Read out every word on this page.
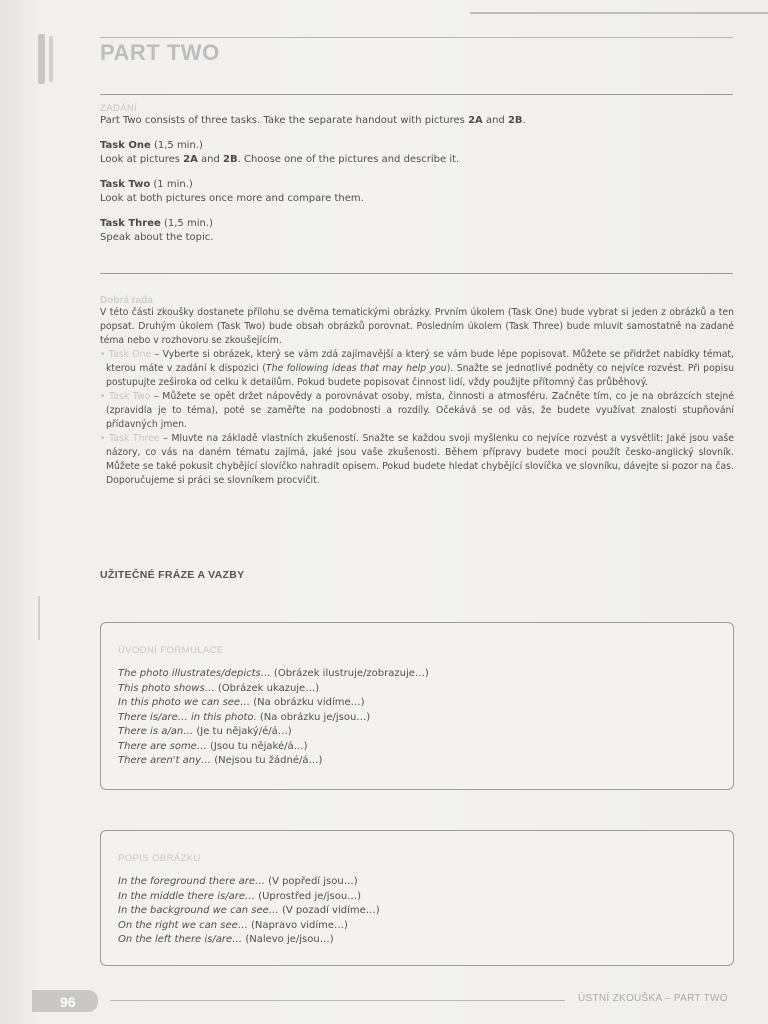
PART TWO
ZADÁNÍ
Part Two consists of three tasks. Take the separate handout with pictures 2A and 2B.
Task One (1,5 min.)
Look at pictures 2A and 2B. Choose one of the pictures and describe it.
Task Two (1 min.)
Look at both pictures once more and compare them.
Task Three (1,5 min.)
Speak about the topic.
Dobrá rada
V této části zkoušky dostanete přílohu se dvěma tematickými obrázky. Prvním úkolem (Task One) bude vybrat si jeden z obrázků a ten popsat. Druhým úkolem (Task Two) bude obsah obrázků porovnat. Posledním úkolem (Task Three) bude mluvit samostatně na zadané téma nebo v rozhovoru se zkoušejícím.
• Task One – Vyberte si obrázek, který se vám zdá zajímavější a který se vám bude lépe popisovat. Můžete se přidržet nabídky témat, kterou máte v zadání k dispozici (The following ideas that may help you). Snažte se jednotlivé podněty co nejvíce rozvést. Při popisu postupujte zeširoka od celku k detailům. Pokud budete popisovat činnost lidí, vždy použijte přítomný čas průběhový.
• Task Two – Můžete se opět držet nápovědy a porovnávat osoby, místa, činnosti a atmosféru. Začněte tím, co je na obrázcích stejné (zpravidla je to téma), poté se zaměřte na podobnosti a rozdíly. Očekává se od vás, že budete využívat znalosti stupňování přídavných jmen.
• Task Three – Mluvte na základě vlastních zkušeností. Snažte se každou svoji myšlenku co nejvíce rozvést a vysvětlit: Jaké jsou vaše názory, co vás na daném tématu zajímá, jaké jsou vaše zkušenosti. Během přípravy budete moci použít česko-anglický slovník. Můžete se také pokusit chybějící slovíčko nahradit opisem. Pokud budete hledat chybějící slovíčka ve slovníku, dávejte si pozor na čas. Doporučujeme si práci se slovníkem procvičit.
UŽITEČNÉ FRÁZE A VAZBY
ÚVODNÍ FORMULACE
The photo illustrates/depicts… (Obrázek ilustruje/zobrazuje…)
This photo shows… (Obrázek ukazuje…)
In this photo we can see… (Na obrázku vidíme…)
There is/are… in this photo. (Na obrázku je/jsou…)
There is a/an… (Je tu nějaký/é/á…)
There are some… (Jsou tu nějaké/á…)
There aren't any… (Nejsou tu žádné/á…)
POPIS OBRÁZKU
In the foreground there are… (V popředí jsou…)
In the middle there is/are… (Uprostřed je/jsou…)
In the background we can see… (V pozadí vidíme…)
On the right we can see… (Napravo vidíme…)
On the left there is/are… (Nalevo je/jsou…)
96	ÚSTNÍ ZKOUŠKA – PART TWO
